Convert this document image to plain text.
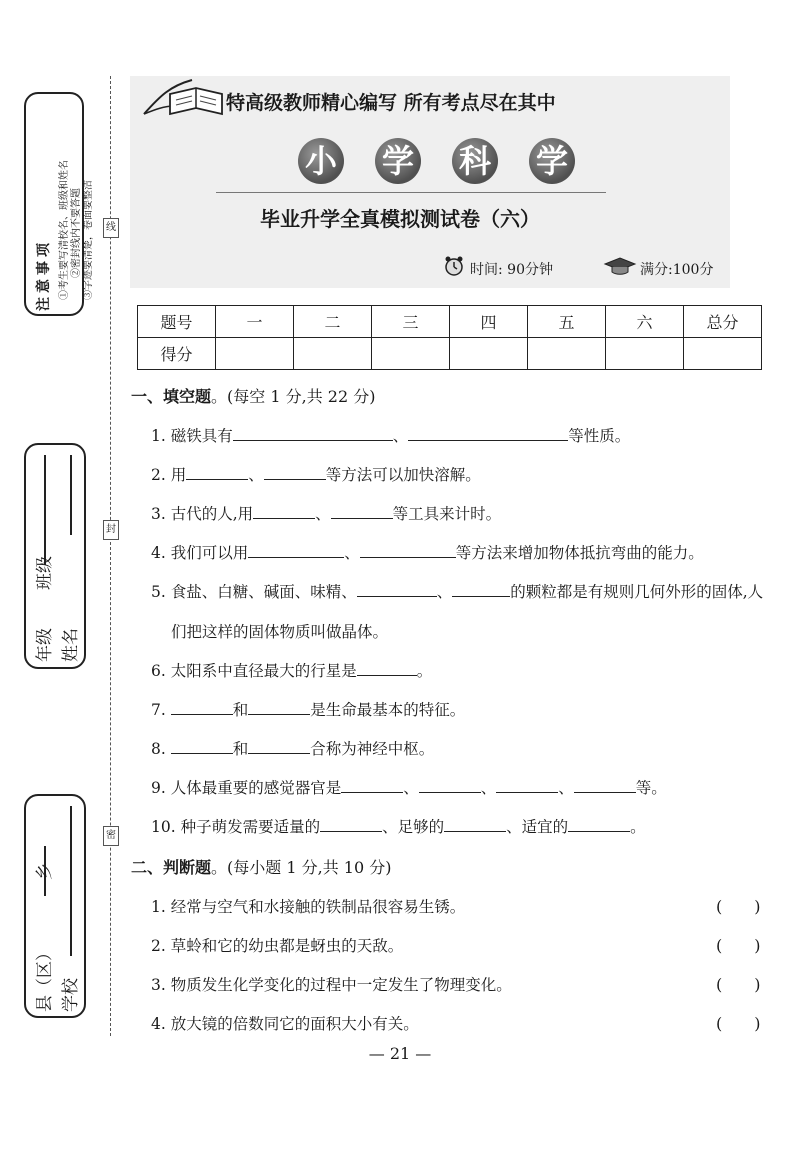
注意事项 ①考生要写清校名、班级和姓名 ②密封线内不要答题 ③字迹要清楚，卷面要整洁
年级
班级
姓名
县（区）
乡
学校
线
封
密
特高级教师精心编写 所有考点尽在其中
小 学 科 学
毕业升学全真模拟测试卷（六）
时间: 90分钟	满分:100分
题号	一	二	三	四	五	六	总分
得分							
一、填空题。(每空 1 分,共 22 分)
1. 磁铁具有	、	等性质。
2. 用	、	等方法可以加快溶解。
3. 古代的人,用	、	等工具来计时。
4. 我们可以用	、	等方法来增加物体抵抗弯曲的能力。
5. 食盐、白糖、碱面、味精、	、	的颗粒都是有规则几何外形的固体,人
们把这样的固体物质叫做晶体。
6. 太阳系中直径最大的行星是	。
7.	和	是生命最基本的特征。
8.	和	合称为神经中枢。
9. 人体最重要的感觉器官是	、	、	、	等。
10. 种子萌发需要适量的	、足够的	、适宜的	。
二、判断题。(每小题 1 分,共 10 分)
1. 经常与空气和水接触的铁制品很容易生锈。	(　　)
2. 草蛉和它的幼虫都是蚜虫的天敌。	(　　)
3. 物质发生化学变化的过程中一定发生了物理变化。	(　　)
4. 放大镜的倍数同它的面积大小有关。	(　　)
— 21 —
